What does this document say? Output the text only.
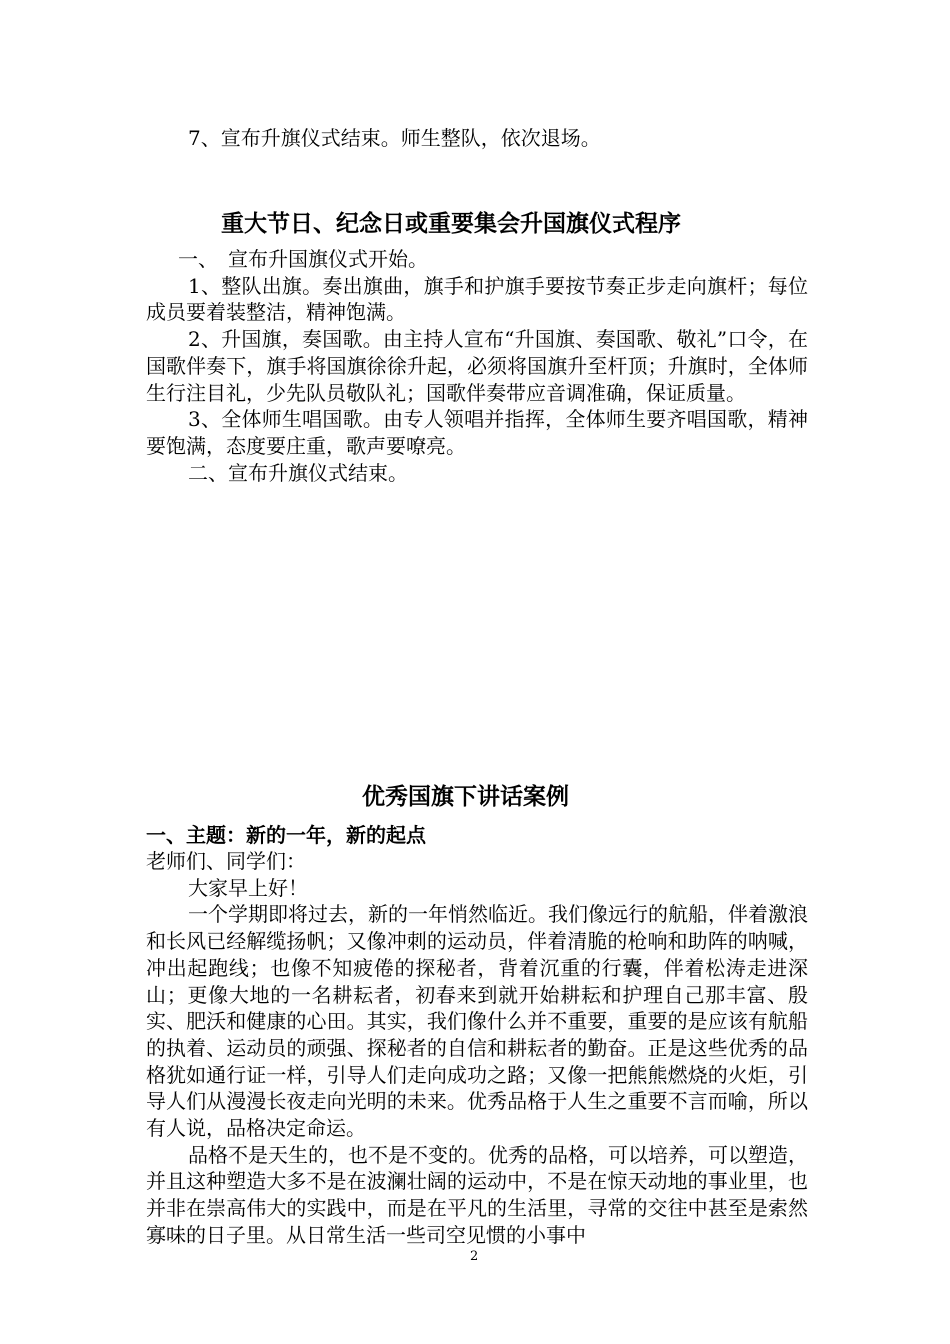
7、宣布升旗仪式结束。师生整队，依次退场。
重大节日、纪念日或重要集会升国旗仪式程序

一、　宣布升国旗仪式开始。

1、整队出旗。奏出旗曲，旗手和护旗手要按节奏正步走向旗杆；每位成员要着装整洁，精神饱满。

2、升国旗，奏国歌。由主持人宣布“升国旗、奏国歌、敬礼”口令，在国歌伴奏下，旗手将国旗徐徐升起，必须将国旗升至杆顶；升旗时，全体师生行注目礼，少先队员敬队礼；国歌伴奏带应音调准确，保证质量。

3、全体师生唱国歌。由专人领唱并指挥，全体师生要齐唱国歌，精神要饱满，态度要庄重，歌声要嘹亮。

二、宣布升旗仪式结束。

优秀国旗下讲话案例
一、主题：新的一年，新的起点

老师们、同学们：

大家早上好！

一个学期即将过去，新的一年悄然临近。我们像远行的航船，伴着激浪和长风已经解缆扬帆；又像冲刺的运动员，伴着清脆的枪响和助阵的呐喊，冲出起跑线；也像不知疲倦的探秘者，背着沉重的行囊，伴着松涛走进深山；更像大地的一名耕耘者，初春来到就开始耕耘和护理自己那丰富、殷实、肥沃和健康的心田。其实，我们像什么并不重要，重要的是应该有航船的执着、运动员的顽强、探秘者的自信和耕耘者的勤奋。正是这些优秀的品格犹如通行证一样，引导人们走向成功之路；又像一把熊熊燃烧的火炬，引导人们从漫漫长夜走向光明的未来。优秀品格于人生之重要不言而喻，所以有人说，品格决定命运。

品格不是天生的，也不是不变的。优秀的品格，可以培养，可以塑造，并且这种塑造大多不是在波澜壮阔的运动中，不是在惊天动地的事业里，也并非在崇高伟大的实践中，而是在平凡的生活里，寻常的交往中甚至是索然寡味的日子里。从日常生活一些司空见惯的小事中

2
